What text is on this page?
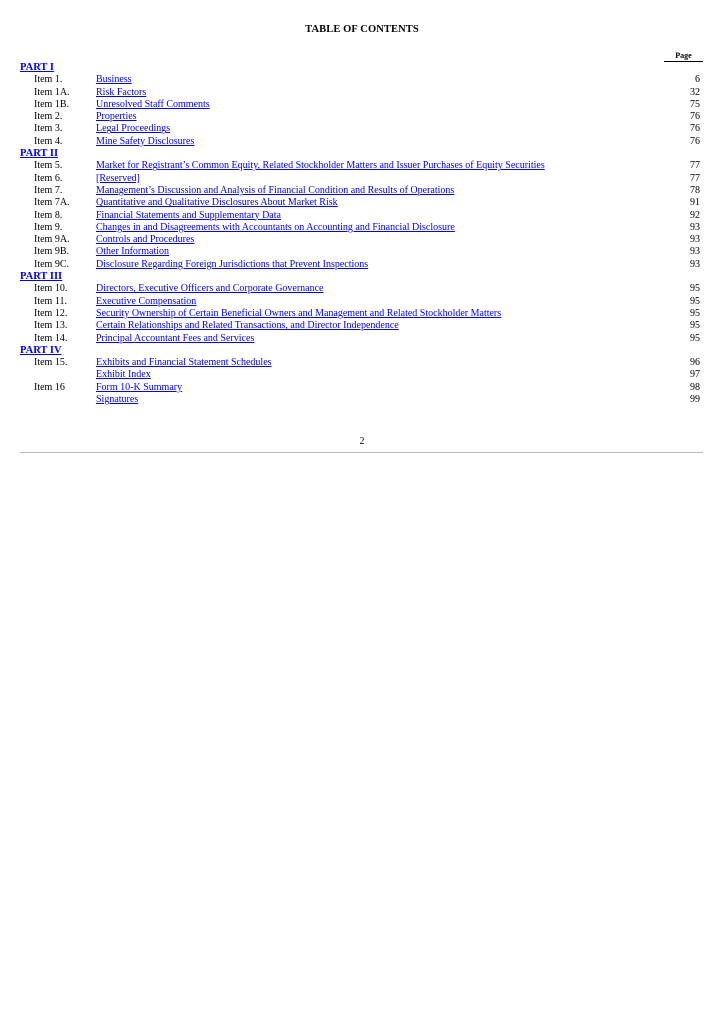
TABLE OF CONTENTS
Page
PART I
Item 1.	Business	6
Item 1A.	Risk Factors	32
Item 1B.	Unresolved Staff Comments	75
Item 2.	Properties	76
Item 3.	Legal Proceedings	76
Item 4.	Mine Safety Disclosures	76
PART II
Item 5.	Market for Registrant’s Common Equity, Related Stockholder Matters and Issuer Purchases of Equity Securities	77
Item 6.	[Reserved]	77
Item 7.	Management’s Discussion and Analysis of Financial Condition and Results of Operations	78
Item 7A.	Quantitative and Qualitative Disclosures About Market Risk	91
Item 8.	Financial Statements and Supplementary Data	92
Item 9.	Changes in and Disagreements with Accountants on Accounting and Financial Disclosure	93
Item 9A.	Controls and Procedures	93
Item 9B.	Other Information	93
Item 9C.	Disclosure Regarding Foreign Jurisdictions that Prevent Inspections	93
PART III
Item 10.	Directors, Executive Officers and Corporate Governance	95
Item 11.	Executive Compensation	95
Item 12.	Security Ownership of Certain Beneficial Owners and Management and Related Stockholder Matters	95
Item 13.	Certain Relationships and Related Transactions, and Director Independence	95
Item 14.	Principal Accountant Fees and Services	95
PART IV
Item 15.	Exhibits and Financial Statement Schedules	96
Exhibit Index	97
Item 16	Form 10-K Summary	98
Signatures	99
2
